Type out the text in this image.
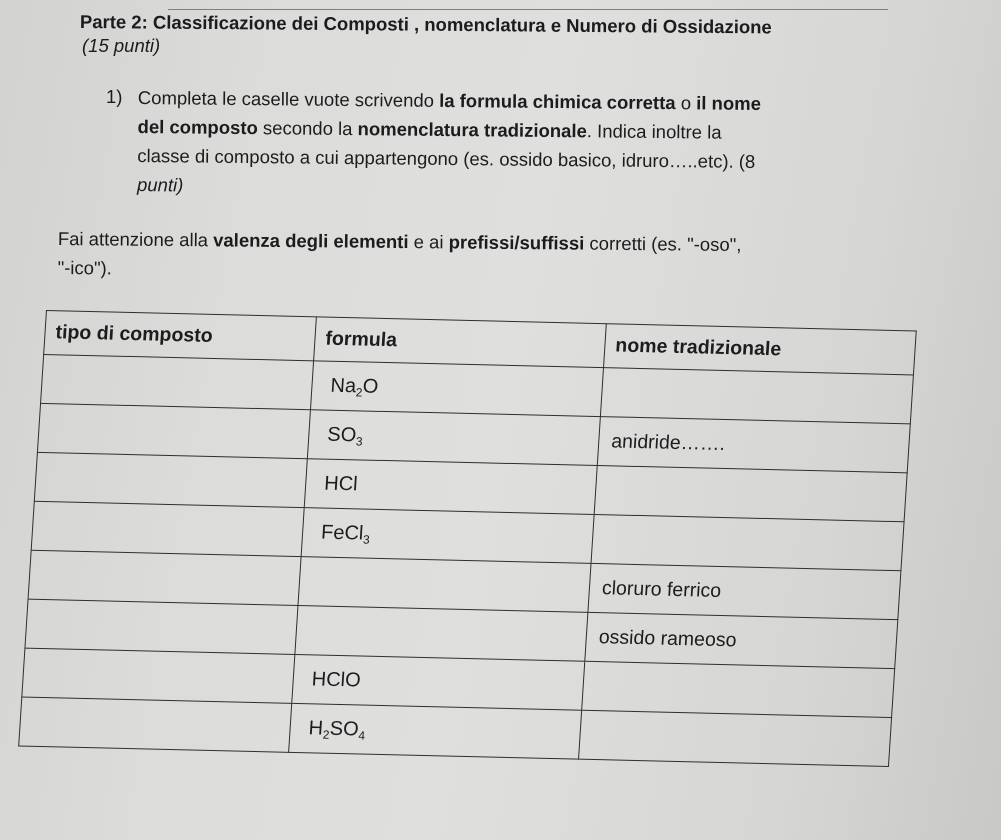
Parte 2: Classificazione dei Composti , nomenclatura e Numero di Ossidazione
(15 punti)
1) Completa le caselle vuote scrivendo la formula chimica corretta o il nome
del composto secondo la nomenclatura tradizionale. Indica inoltre la
classe di composto a cui appartengono (es. ossido basico, idruro…..etc). (8
punti)
Fai attenzione alla valenza degli elementi e ai prefissi/suffissi corretti (es. "-oso",
"-ico").
tipo di composto	formula	nome tradizionale
	$Na_2O$	
	$SO_3$	anidride…….
	HCl	
	FeCl$_3$	
		cloruro ferrico
		ossido rameoso
	HClO	
	$H_2SO_4$	
